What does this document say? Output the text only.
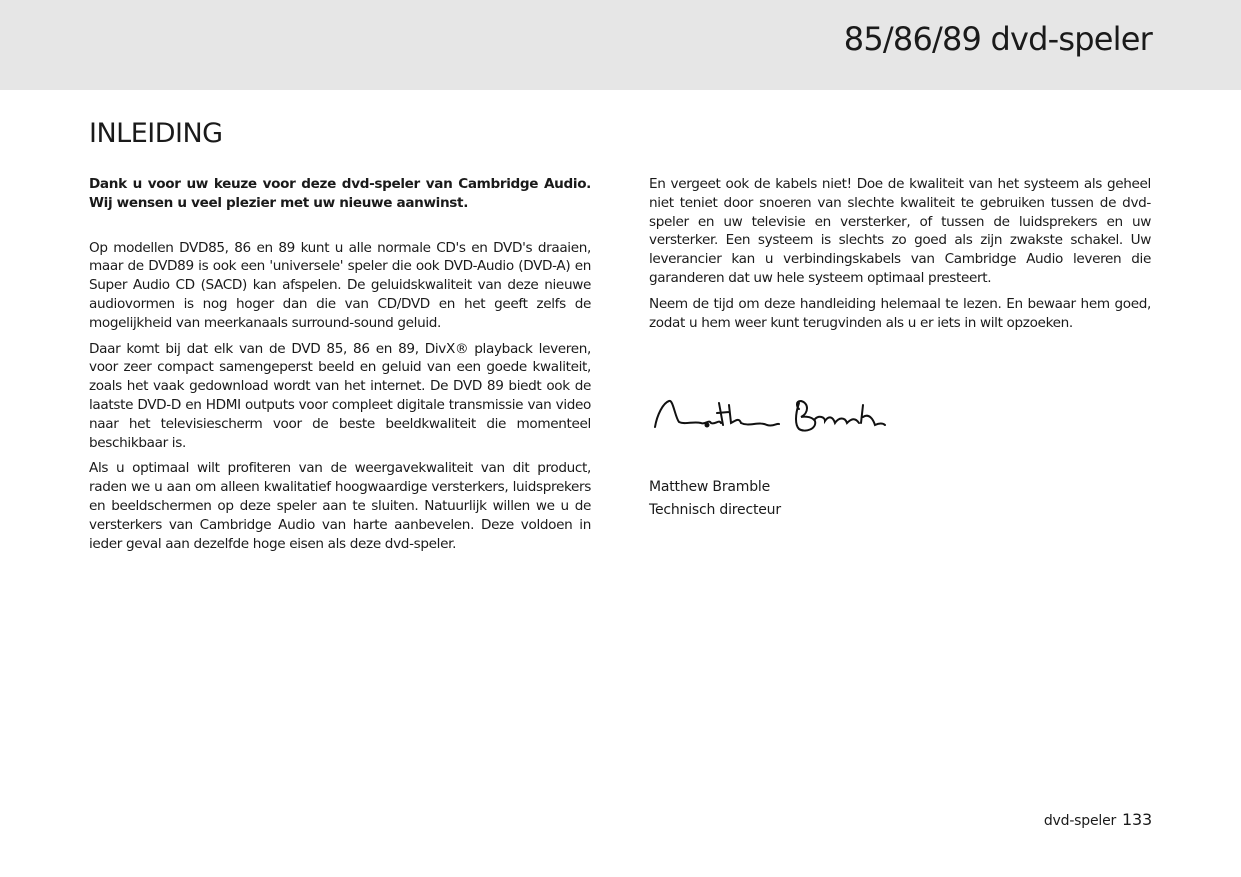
85/86/89 dvd-speler
INLEIDING

Dank u voor uw keuze voor deze dvd-speler van Cambridge Audio. Wij wensen u veel plezier met uw nieuwe aanwinst.

Op modellen DVD85, 86 en 89 kunt u alle normale CD's en DVD's draaien, maar de DVD89 is ook een 'universele' speler die ook DVD-Audio (DVD-A) en Super Audio CD (SACD) kan afspelen. De geluidskwaliteit van deze nieuwe audiovormen is nog hoger dan die van CD/DVD en het geeft zelfs de mogelijkheid van meerkanaals surround-sound geluid.

Daar komt bij dat elk van de DVD 85, 86 en 89, DivX® playback leveren, voor zeer compact samengeperst beeld en geluid van een goede kwaliteit, zoals het vaak gedownload wordt van het internet. De DVD 89 biedt ook de laatste DVD-D en HDMI outputs voor compleet digitale transmissie van video naar het televisiescherm voor de beste beeldkwaliteit die momenteel beschikbaar is.

Als u optimaal wilt profiteren van de weergavekwaliteit van dit product, raden we u aan om alleen kwalitatief hoogwaardige versterkers, luidsprekers en beeldschermen op deze speler aan te sluiten. Natuurlijk willen we u de versterkers van Cambridge Audio van harte aanbevelen. Deze voldoen in ieder geval aan dezelfde hoge eisen als deze dvd-speler.

En vergeet ook de kabels niet! Doe de kwaliteit van het systeem als geheel niet teniet door snoeren van slechte kwaliteit te gebruiken tussen de dvd-speler en uw televisie en versterker, of tussen de luidsprekers en uw versterker. Een systeem is slechts zo goed als zijn zwakste schakel. Uw leverancier kan u verbindingskabels van Cambridge Audio leveren die garanderen dat uw hele systeem optimaal presteert.

Neem de tijd om deze handleiding helemaal te lezen. En bewaar hem goed, zodat u hem weer kunt terugvinden als u er iets in wilt opzoeken.

Matthew Bramble
Technisch directeur
dvd-speler 133
